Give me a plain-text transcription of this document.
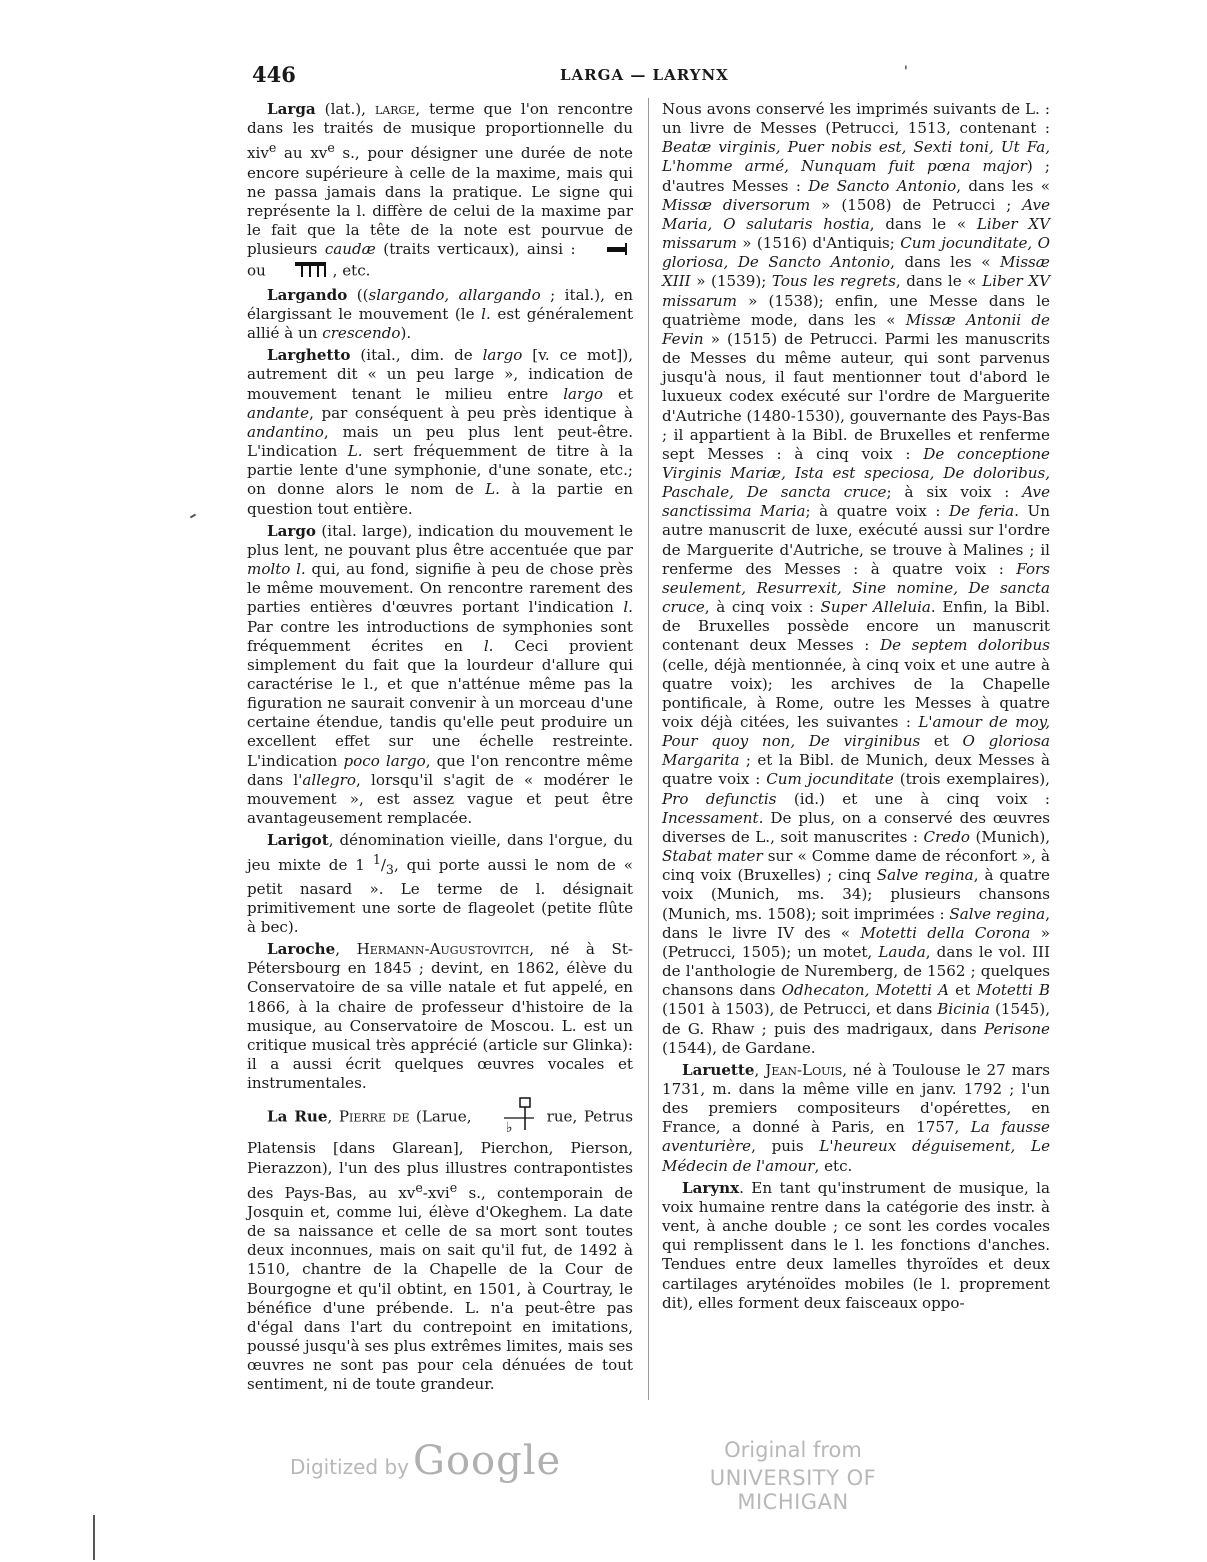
446	LARGA — LARYNX	'

Larga (lat.), large, terme que l'on rencontre dans les traités de musique proportionnelle du xiv$^e$ au $xv^e$ s., pour désigner une durée de note encore supérieure à celle de la maxime, mais qui ne passa jamais dans la pratique. Le signe qui représente la l. diffère de celui de la maxime par le fait que la tête de la note est pourvue de plusieurs caudæ (traits verticaux), ainsi :  ou	, etc.

Largando ((slargando, allargando ; ital.), en élargissant le mouvement (le l. est généralement allié à un crescendo).

Larghetto (ital., dim. de largo [v. ce mot]), autrement dit « un peu large », indication de mouvement tenant le milieu entre largo et andante, par conséquent à peu près identique à andantino, mais un peu plus lent peut-être. L'indication L. sert fréquemment de titre à la partie lente d'une symphonie, d'une sonate, etc.; on donne alors le nom de L. à la partie en question tout entière.

Largo (ital. large), indication du mouvement le plus lent, ne pouvant plus être accentuée que par molto l. qui, au fond, signifie à peu de chose près le même mouvement. On rencontre rarement des parties entières d'œuvres portant l'indication l. Par contre les introductions de symphonies sont fréquemment écrites en l. Ceci provient simplement du fait que la lourdeur d'allure qui caractérise le l., et que n'atténue même pas la figuration ne saurait convenir à un morceau d'une certaine étendue, tandis qu'elle peut produire un excellent effet sur une échelle restreinte. L'indication poco largo, que l'on rencontre même dans l'allegro, lorsqu'il s'agit de « modérer le mouvement », est assez vague et peut être avantageusement remplacée.

Larigot, dénomination vieille, dans l'orgue, du jeu mixte de 1 $^1/_3$, qui porte aussi le nom de « petit nasard ». Le terme de l. désignait primitivement une sorte de flageolet (petite flûte à bec).

Laroche, Hermann-Augustovitch, né à St-Pétersbourg en 1845 ; devint, en 1862, élève du Conservatoire de sa ville natale et fut appelé, en 1866, à la chaire de professeur d'histoire de la musique, au Conservatoire de Moscou. L. est un critique musical très apprécié (article sur Glinka): il a aussi écrit quelques œuvres vocales et instrumentales.

La Rue, Pierre de (Larue,
♭
rue, Petrus Platensis [dans Glarean], Pierchon, Pierson, Pierazzon), l'un des plus illustres contrapontistes des Pays-Bas, au $xv^e-xvi^e$ s., contemporain de Josquin et, comme lui, élève d'Okeghem. La date de sa naissance et celle de sa mort sont toutes deux inconnues, mais on sait qu'il fut, de 1492 à 1510, chantre de la Chapelle de la Cour de Bourgogne et qu'il obtint, en 1501, à Courtray, le bénéfice d'une prébende. L. n'a peut-être pas d'égal dans l'art du contrepoint en imitations, poussé jusqu'à ses plus extrêmes limites, mais ses œuvres ne sont pas pour cela dénuées de tout sentiment, ni de toute grandeur.

Nous avons conservé les imprimés suivants de L. : un livre de Messes (Petrucci, 1513, contenant : Beatæ virginis, Puer nobis est, Sexti toni, Ut Fa, L'homme armé, Nunquam fuit pœna major) ; d'autres Messes : De Sancto Antonio, dans les « Missæ diversorum » (1508) de Petrucci ; Ave Maria, O salutaris hostia, dans le « Liber XV missarum » (1516) d'Antiquis; Cum jocunditate, O gloriosa, De Sancto Antonio, dans les « Missæ XIII » (1539); Tous les regrets, dans le « Liber XV missarum » (1538); enfin, une Messe dans le quatrième mode, dans les « Missæ Antonii de Fevin » (1515) de Petrucci. Parmi les manuscrits de Messes du même auteur, qui sont parvenus jusqu'à nous, il faut mentionner tout d'abord le luxueux codex exécuté sur l'ordre de Marguerite d'Autriche (1480-1530), gouvernante des Pays-Bas ; il appartient à la Bibl. de Bruxelles et renferme sept Messes : à cinq voix : De conceptione Virginis Mariæ, Ista est speciosa, De doloribus, Paschale, De sancta cruce; à six voix : Ave sanctissima Maria; à quatre voix : De feria. Un autre manuscrit de luxe, exécuté aussi sur l'ordre de Marguerite d'Autriche, se trouve à Malines ; il renferme des Messes : à quatre voix : Fors seulement, Resurrexit, Sine nomine, De sancta cruce, à cinq voix : Super Alleluia. Enfin, la Bibl. de Bruxelles possède encore un manuscrit contenant deux Messes : De septem doloribus (celle, déjà mentionnée, à cinq voix et une autre à quatre voix); les archives de la Chapelle pontificale, à Rome, outre les Messes à quatre voix déjà citées, les suivantes : L'amour de moy, Pour quoy non, De virginibus et O gloriosa Margarita ; et la Bibl. de Munich, deux Messes à quatre voix : Cum jocunditate (trois exemplaires), Pro defunctis (id.) et une à cinq voix : Incessament. De plus, on a conservé des œuvres diverses de L., soit manuscrites : Credo (Munich), Stabat mater sur « Comme dame de réconfort », à cinq voix (Bruxelles) ; cinq Salve regina, à quatre voix (Munich, ms. 34); plusieurs chansons (Munich, ms. 1508); soit imprimées : Salve regina, dans le livre IV des « Motetti della Corona » (Petrucci, 1505); un motet, Lauda, dans le vol. III de l'anthologie de Nuremberg, de 1562 ; quelques chansons dans Odhecaton, Motetti A et Motetti B (1501 à 1503), de Petrucci, et dans Bicinia (1545), de G. Rhaw ; puis des madrigaux, dans Perisone (1544), de Gardane.

Laruette, Jean-Louis, né à Toulouse le 27 mars 1731, m. dans la même ville en janv. 1792 ; l'un des premiers compositeurs d'opérettes, en France, a donné à Paris, en 1757, La fausse aventurière, puis L'heureux déguisement, Le Médecin de l'amour, etc.

Larynx. En tant qu'instrument de musique, la voix humaine rentre dans la catégorie des instr. à vent, à anche double ; ce sont les cordes vocales qui remplissent dans le l. les fonctions d'anches. Tendues entre deux lamelles thyroïdes et deux cartilages aryténoïdes mobiles (le l. proprement dit), elles forment deux faisceaux oppo-

Digitized by Google	Original from
UNIVERSITY OF MICHIGAN
